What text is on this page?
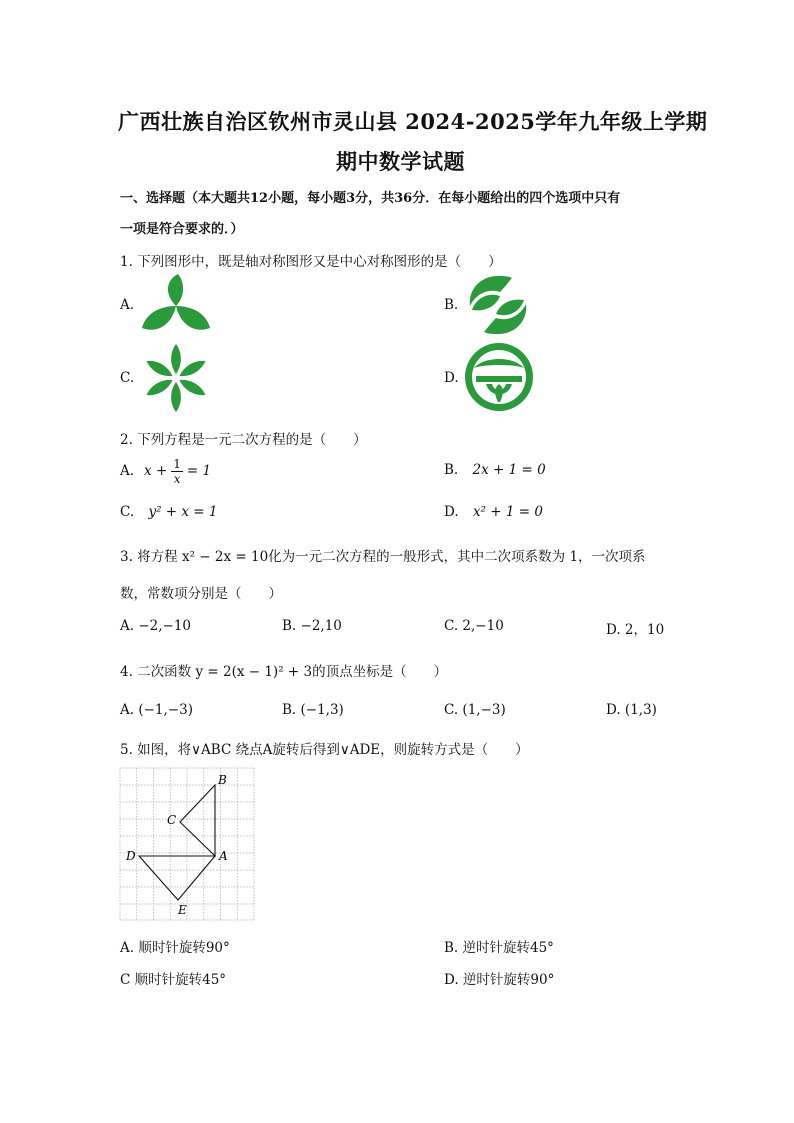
广西壮族自治区钦州市灵山县 2024-2025学年九年级上学期
期中数学试题
一、选择题（本大题共12小题，每小题3分，共36分．在每小题给出的四个选项中只有
一项是符合要求的．）
1. 下列图形中，既是轴对称图形又是中心对称图形的是（　　）
A.	B.
C.	D.
2. 下列方程是一元二次方程的是（　　）
A. $x + \frac{1}{x} = 1$	B. 2x + 1 = 0
C. y² + x = 1	D. x² + 1 = 0
3. 将方程 x² − 2x = 10化为一元二次方程的一般形式，其中二次项系数为 1，一次项系
数，常数项分别是（　　）
A. −2,−10	B. −2,10	C. 2,−10	D. 2，10
4. 二次函数 y = 2(x − 1)² + 3的顶点坐标是（　　）
A. (−1,−3)	B. (−1,3)	C. (1,−3)	D. (1,3)
5. 如图，将∨ABC 绕点A旋转后得到∨ADE，则旋转方式是（　　）
B
C
D	A
E
A. 顺时针旋转90°	B. 逆时针旋转45°
C 顺时针旋转45°	D. 逆时针旋转90°
